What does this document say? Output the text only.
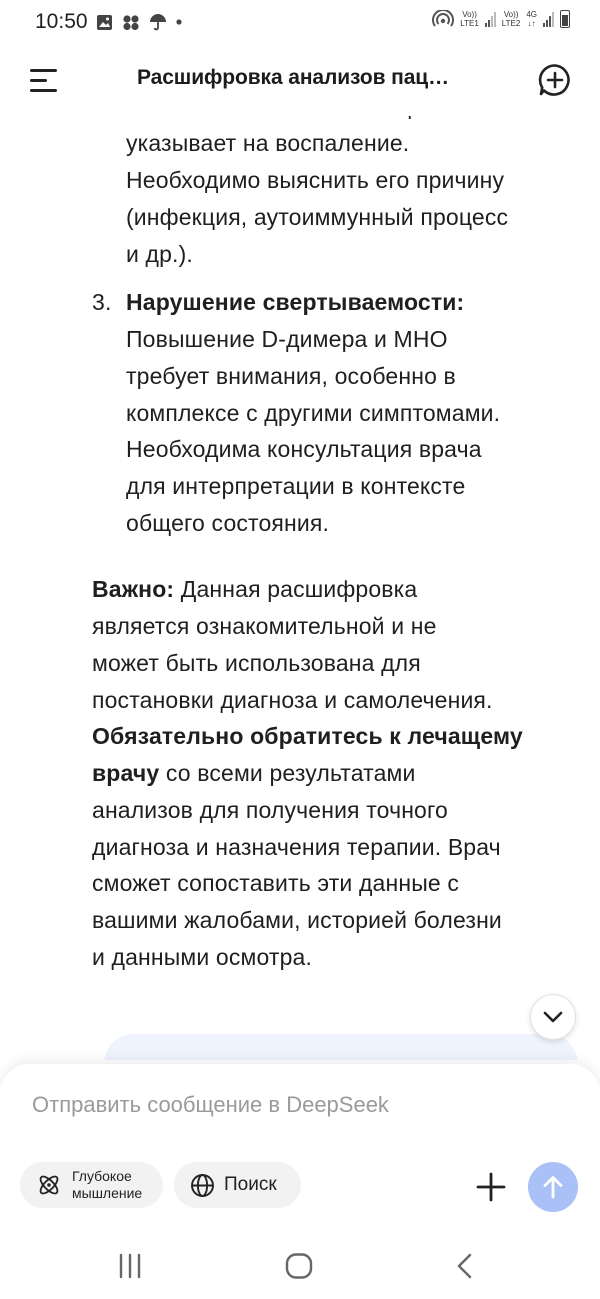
10:50	Vo))
LTE1
Vo))
LTE2
4G
↓↑
указывает на воспаление.
Необходимо выяснить его причину
(инфекция, аутоиммунный процесс
и др.).
3. Нарушение свертываемости:
Повышение D-димера и МНО
требует внимания, особенно в
комплексе с другими симптомами.
Необходима консультация врача
для интерпретации в контексте
общего состояния.
Важно: Данная расшифровка
является ознакомительной и не
может быть использована для
постановки диагноза и самолечения.
Обязательно обратитесь к лечащему
врачу со всеми результатами
анализов для получения точного
диагноза и назначения терапии. Врач
сможет сопоставить эти данные с
вашими жалобами, историей болезни
и данными осмотра.
Расшифровка анализов пац…
Отправить сообщение в DeepSeek
Глубокое
мышление	Поиск
